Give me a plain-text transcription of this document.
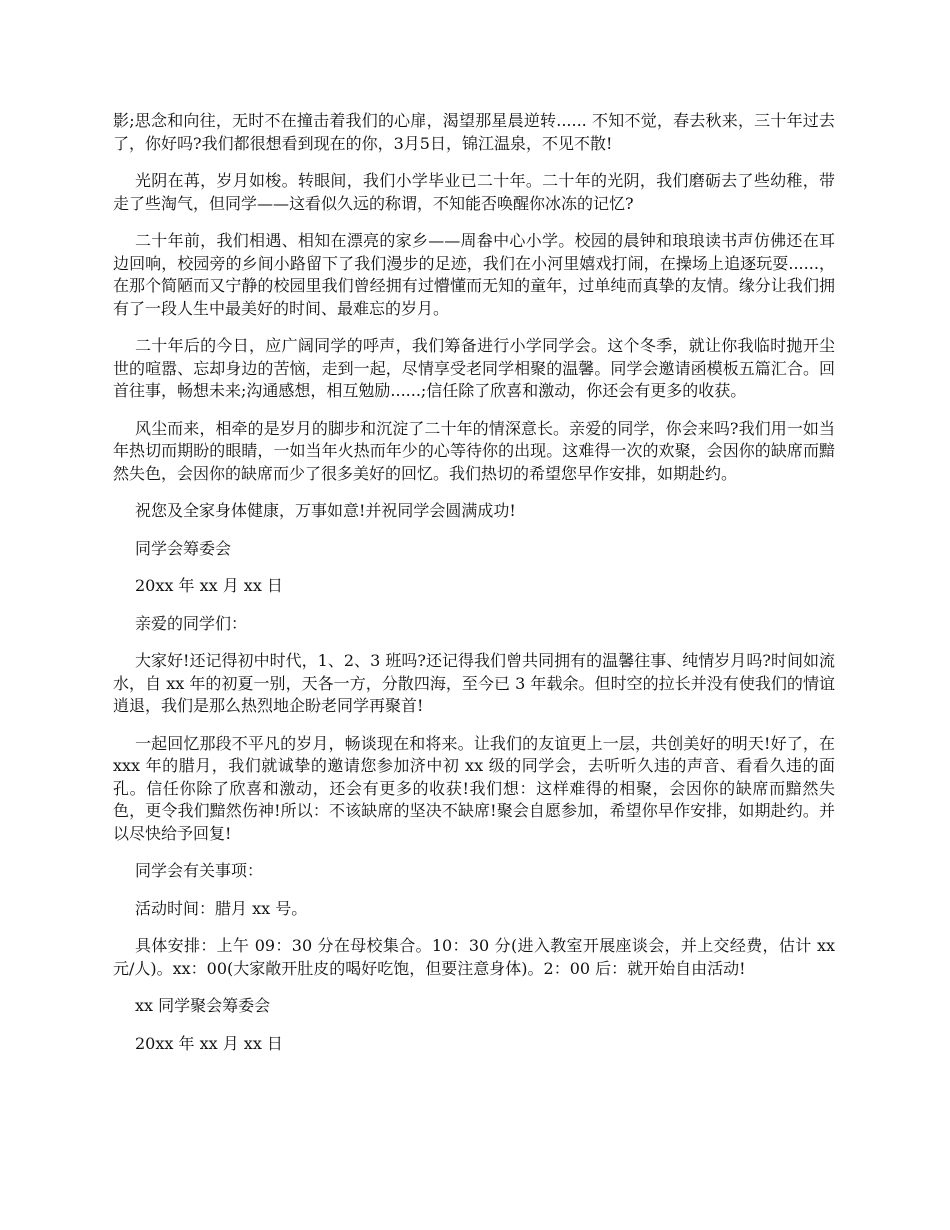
影;思念和向往，无时不在撞击着我们的心扉，渴望那星晨逆转...... 不知不觉，春去秋来，三十年过去了，你好吗?我们都很想看到现在的你，3月5日，锦江温泉，不见不散!

光阴在苒，岁月如梭。转眼间，我们小学毕业已二十年。二十年的光阴，我们磨砺去了些幼稚，带走了些淘气，但同学——这看似久远的称谓，不知能否唤醒你冰冻的记忆?

二十年前，我们相遇、相知在漂亮的家乡——周畚中心小学。校园的晨钟和琅琅读书声仿佛还在耳边回响，校园旁的乡间小路留下了我们漫步的足迹，我们在小河里嬉戏打闹，在操场上追逐玩耍......，在那个简陋而又宁静的校园里我们曾经拥有过懵懂而无知的童年，过单纯而真挚的友情。缘分让我们拥有了一段人生中最美好的时间、最难忘的岁月。

二十年后的今日，应广阔同学的呼声，我们筹备进行小学同学会。这个冬季，就让你我临时抛开尘世的喧嚣、忘却身边的苦恼，走到一起，尽情享受老同学相聚的温馨。同学会邀请函模板五篇汇合。回首往事，畅想未来;沟通感想，相互勉励......;信任除了欣喜和激动，你还会有更多的收获。

风尘而来，相牵的是岁月的脚步和沉淀了二十年的情深意长。亲爱的同学，你会来吗?我们用一如当年热切而期盼的眼睛，一如当年火热而年少的心等待你的出现。这难得一次的欢聚，会因你的缺席而黯然失色，会因你的缺席而少了很多美好的回忆。我们热切的希望您早作安排，如期赴约。

祝您及全家身体健康，万事如意!并祝同学会圆满成功!

同学会筹委会

20xx 年 xx 月 xx 日

亲爱的同学们：

大家好!还记得初中时代，1、2、3 班吗?还记得我们曾共同拥有的温馨往事、纯情岁月吗?时间如流水，自 xx 年的初夏一别，天各一方，分散四海，至今已 3 年载余。但时空的拉长并没有使我们的情谊逍退，我们是那么热烈地企盼老同学再聚首!

一起回忆那段不平凡的岁月，畅谈现在和将来。让我们的友谊更上一层，共创美好的明天!好了，在 xxx 年的腊月，我们就诚挚的邀请您参加济中初 xx 级的同学会，去听听久违的声音、看看久违的面孔。信任你除了欣喜和激动，还会有更多的收获!我们想：这样难得的相聚，会因你的缺席而黯然失色，更令我们黯然伤神!所以：不该缺席的坚决不缺席!聚会自愿参加，希望你早作安排，如期赴约。并以尽快给予回复!

同学会有关事项：

活动时间：腊月 xx 号。

具体安排：上午 09：30 分在母校集合。10：30 分(进入教室开展座谈会，并上交经费，估计 xx 元/人)。xx：00(大家敞开肚皮的喝好吃饱，但要注意身体)。2：00 后：就开始自由活动!

xx 同学聚会筹委会

20xx 年 xx 月 xx 日
